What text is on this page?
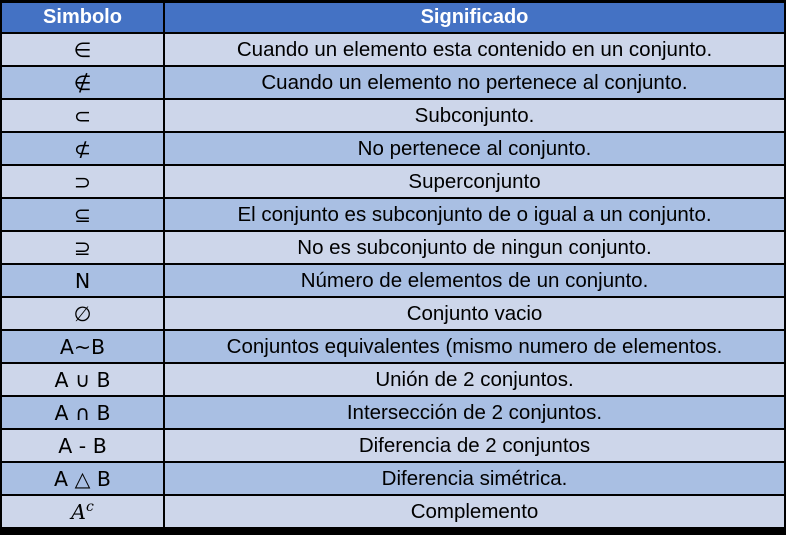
Simbolo	Significado
∈	Cuando un elemento esta contenido en un conjunto.
∉	Cuando un elemento no pertenece al conjunto.
⊂	Subconjunto.
⊄	No pertenece al conjunto.
⊃	Superconjunto
⊆	El conjunto es subconjunto de o igual a un conjunto.
⊇	No es subconjunto de ningun conjunto.
N	Número de elementos de un conjunto.
∅	Conjunto vacio
A~B	Conjuntos equivalentes (mismo numero de elementos.
A ∪ B	Unión de 2 conjuntos.
A ∩ B	Intersección de 2 conjuntos.
A - B	Diferencia de 2 conjuntos
A △ B	Diferencia simétrica.
$A^c$	Complemento
